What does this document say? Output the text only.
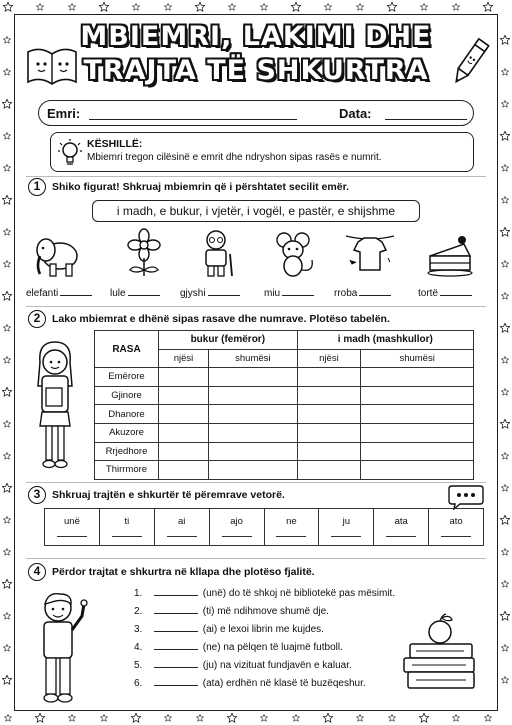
MBIEMRI, LAKIMI DHE
TRAJTA TË SHKURTRA
Emri:	Data:
KËSHILLË:
Mbiemri tregon cilësinë e emrit dhe ndryshon sipas rasës e numrit.
1	Shiko figurat! Shkruaj mbiemrin që i përshtatet secilit emër.
i madh, e bukur, i vjetër, i vogël, e pastër, e shijshme
elefanti	lule	gjyshi	miu	rroba	tortë
2	Lako mbiemrat e dhënë sipas rasave dhe numrave. Plotëso tabelën.
RASA	bukur (femëror)		i madh (mashkullor)	
	njësi	shumësi	njësi	shumësi
Emërore				
Gjinore				
Dhanore				
Akuzore				
Rrjedhore				
Thirrmore				
3	Shkruaj trajtën e shkurtër të përemrave vetorë.
unë	ti	ai	ajo	ne	ju	ata	ato
4	Përdor trajtat e shkurtra në kllapa dhe plotëso fjalitë.
1.	(unë) do të shkoj në bibliotekë pas mësimit.
2.	(ti) më ndihmove shumë dje.
3.	(ai) e lexoi librin me kujdes.
4.	(ne) na pëlqen të luajmë futboll.
5.	(ju) na vizituat fundjavën e kaluar.
6.	(ata) erdhën në klasë të buzëqeshur.
